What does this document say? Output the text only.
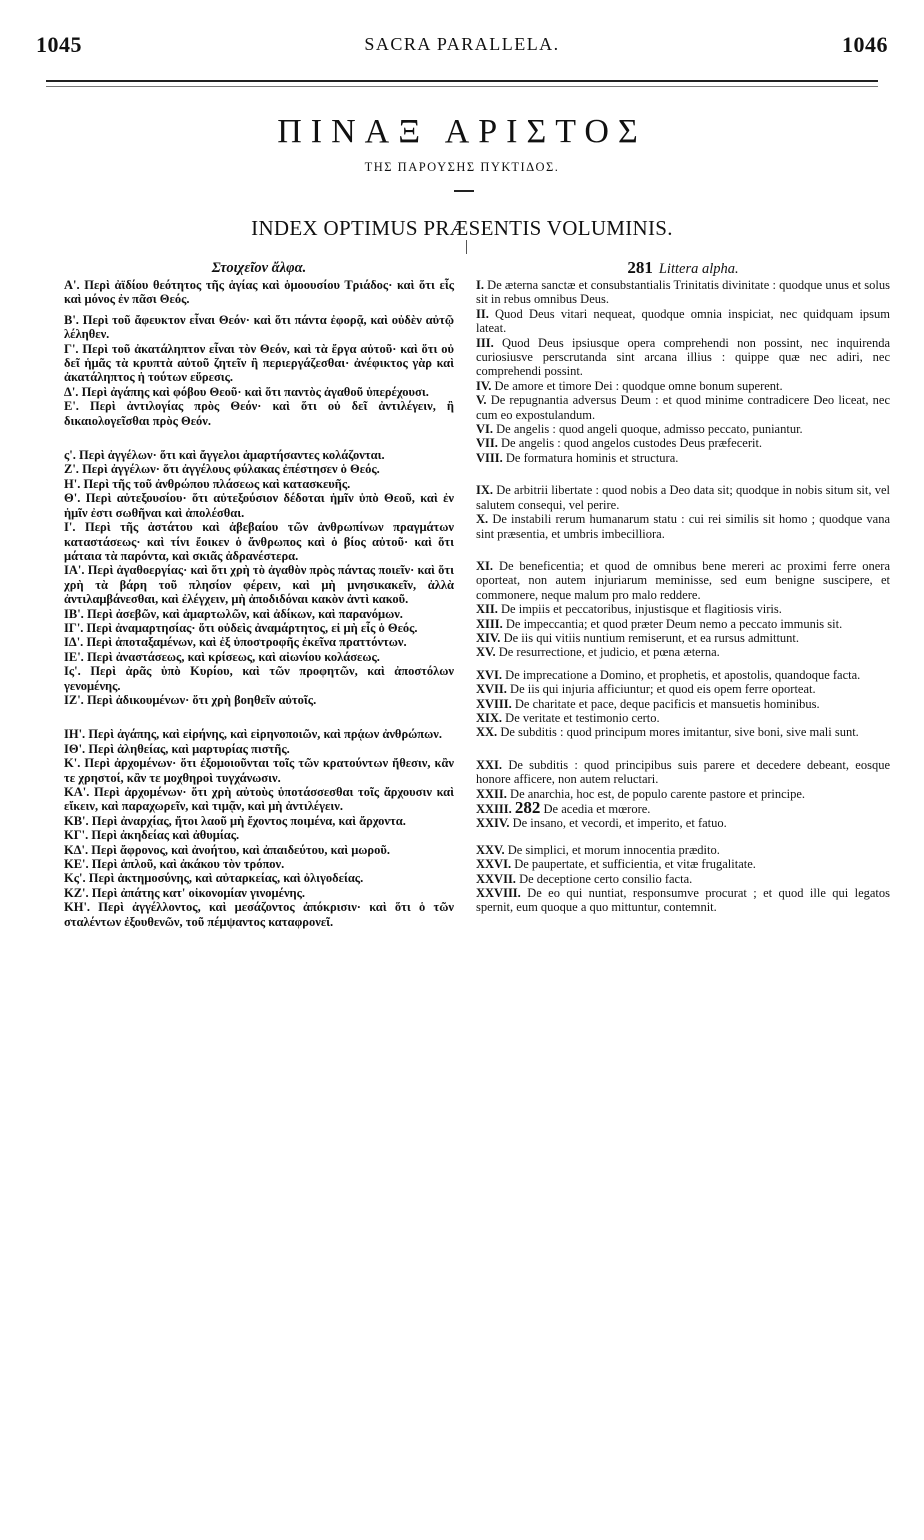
1045	SACRA PARALLELA.	1046
ΠΙΝΑΞ ΑΡΙΣΤΟΣ
ΤΗΣ ΠΑΡΟΥΣΗΣ ΠΥΚΤΙΔΟΣ.
INDEX OPTIMUS PRÆSENTIS VOLUMINIS.
Στοιχεῖον ἄλφα.
Α'. Περὶ ἀϊδίου θεότητος τῆς ἁγίας καὶ ὁμοουσίου Τριάδος· καὶ ὅτι εἷς καὶ μόνος ἐν πᾶσι Θεός.
Β'. Περὶ τοῦ ἄφευκτον εἶναι Θεόν· καὶ ὅτι πάντα ἐφορᾷ, καὶ οὐδὲν αὐτῷ λέληθεν.
Γ'. Περὶ τοῦ ἀκατάληπτον εἶναι τὸν Θεόν, καὶ τὰ ἔργα αὐτοῦ· καὶ ὅτι οὐ δεῖ ἡμᾶς τὰ κρυπτὰ αὐτοῦ ζητεῖν ἢ περιεργάζεσθαι· ἀνέφικτος γὰρ καὶ ἀκατάληπτος ἡ τούτων εὕρεσις.
Δ'. Περὶ ἀγάπης καὶ φόβου Θεοῦ· καὶ ὅτι παντὸς ἀγαθοῦ ὑπερέχουσι.
Ε'. Περὶ ἀντιλογίας πρὸς Θεόν· καὶ ὅτι οὐ δεῖ ἀντιλέγειν, ἢ δικαιολογεῖσθαι πρὸς Θεόν.
ς'. Περὶ ἀγγέλων· ὅτι καὶ ἄγγελοι ἁμαρτήσαντες κολάζονται.
Ζ'. Περὶ ἀγγέλων· ὅτι ἀγγέλους φύλακας ἐπέστησεν ὁ Θεός.
Η'. Περὶ τῆς τοῦ ἀνθρώπου πλάσεως καὶ κατασκευῆς.
Θ'. Περὶ αὐτεξουσίου· ὅτι αὐτεξούσιον δέδοται ἡμῖν ὑπὸ Θεοῦ, καὶ ἐν ἡμῖν ἐστι σωθῆναι καὶ ἀπολέσθαι.
Ι'. Περὶ τῆς ἀστάτου καὶ ἀβεβαίου τῶν ἀνθρωπίνων πραγμάτων καταστάσεως· καὶ τίνι ἔοικεν ὁ ἄνθρωπος καὶ ὁ βίος αὐτοῦ· καὶ ὅτι μάταια τὰ παρόντα, καὶ σκιᾶς ἀδρανέστερα.
ΙΑ'. Περὶ ἀγαθοεργίας· καὶ ὅτι χρὴ τὸ ἀγαθὸν πρὸς πάντας ποιεῖν· καὶ ὅτι χρὴ τὰ βάρη τοῦ πλησίον φέρειν, καὶ μὴ μνησικακεῖν, ἀλλὰ ἀντιλαμβάνεσθαι, καὶ ἐλέγχειν, μὴ ἀποδιδόναι κακὸν ἀντὶ κακοῦ.
ΙΒ'. Περὶ ἀσεβῶν, καὶ ἁμαρτωλῶν, καὶ ἀδίκων, καὶ παρανόμων.
ΙΓ'. Περὶ ἀναμαρτησίας· ὅτι οὐδεὶς ἀναμάρτητος, εἰ μὴ εἷς ὁ Θεός.
ΙΔ'. Περὶ ἀποταξαμένων, καὶ ἐξ ὑποστροφῆς ἐκεῖνα πραττόντων.
ΙΕ'. Περὶ ἀναστάσεως, καὶ κρίσεως, καὶ αἰωνίου κολάσεως.
Ις'. Περὶ ἀρᾶς ὑπὸ Κυρίου, καὶ τῶν προφητῶν, καὶ ἀποστόλων γενομένης.
ΙΖ'. Περὶ ἀδικουμένων· ὅτι χρὴ βοηθεῖν αὐτοῖς.
ΙΗ'. Περὶ ἀγάπης, καὶ εἰρήνης, καὶ εἰρηνοποιῶν, καὶ πρᾴων ἀνθρώπων.
ΙΘ'. Περὶ ἀληθείας, καὶ μαρτυρίας πιστῆς.
Κ'. Περὶ ἀρχομένων· ὅτι ἐξομοιοῦνται τοῖς τῶν κρατούντων ἤθεσιν, κἂν τε χρηστοί, κἂν τε μοχθηροὶ τυγχάνωσιν.
ΚΑ'. Περὶ ἀρχομένων· ὅτι χρὴ αὐτοὺς ὑποτάσσεσθαι τοῖς ἄρχουσιν καὶ εἴκειν, καὶ παραχωρεῖν, καὶ τιμᾷν, καὶ μὴ ἀντιλέγειν.
ΚΒ'. Περὶ ἀναρχίας, ἤτοι λαοῦ μὴ ἔχοντος ποιμένα, καὶ ἄρχοντα.
ΚΓ'. Περὶ ἀκηδείας καὶ ἀθυμίας.
ΚΔ'. Περὶ ἄφρονος, καὶ ἀνοήτου, καὶ ἀπαιδεύτου, καὶ μωροῦ.
ΚΕ'. Περὶ ἁπλοῦ, καὶ ἀκάκου τὸν τρόπον.
Κς'. Περὶ ἀκτημοσύνης, καὶ αὐταρκείας, καὶ ὀλιγοδείας.
ΚΖ'. Περὶ ἀπάτης κατ' οἰκονομίαν γινομένης.
ΚΗ'. Περὶ ἀγγέλλοντος, καὶ μεσάζοντος ἀπόκρισιν· καὶ ὅτι ὁ τῶν σταλέντων ἐξουθενῶν, τοῦ πέμψαντος καταφρονεῖ.
281 Littera alpha.
I. De æterna sanctæ et consubstantialis Trinitatis divinitate : quodque unus et solus sit in rebus omnibus Deus.
II. Quod Deus vitari nequeat, quodque omnia inspiciat, nec quidquam ipsum lateat.
III. Quod Deus ipsiusque opera comprehendi non possint, nec inquirenda curiosiusve perscrutanda sint arcana illius : quippe quæ nec adiri, nec comprehendi possint.
IV. De amore et timore Dei : quodque omne bonum superent.
V. De repugnantia adversus Deum : et quod minime contradicere Deo liceat, nec cum eo expostulandum.
VI. De angelis : quod angeli quoque, admisso peccato, puniantur.
VII. De angelis : quod angelos custodes Deus præfecerit.
VIII. De formatura hominis et structura.
IX. De arbitrii libertate : quod nobis a Deo data sit; quodque in nobis situm sit, vel salutem consequi, vel perire.
X. De instabili rerum humanarum statu : cui rei similis sit homo ; quodque vana sint præsentia, et umbris imbecilliora.
XI. De beneficentia; et quod de omnibus bene mereri ac proximi ferre onera oporteat, non autem injuriarum meminisse, sed eum benigne suscipere, et commonere, neque malum pro malo reddere.
XII. De impiis et peccatoribus, injustisque et flagitiosis viris.
XIII. De impeccantia; et quod præter Deum nemo a peccato immunis sit.
XIV. De iis qui vitiis nuntium remiserunt, et ea rursus admittunt.
XV. De resurrectione, et judicio, et pœna æterna.
XVI. De imprecatione a Domino, et prophetis, et apostolis, quandoque facta.
XVII. De iis qui injuria afficiuntur; et quod eis opem ferre oporteat.
XVIII. De charitate et pace, deque pacificis et mansuetis hominibus.
XIX. De veritate et testimonio certo.
XX. De subditis : quod principum mores imitantur, sive boni, sive mali sunt.
XXI. De subditis : quod principibus suis parere et decedere debeant, eosque honore afficere, non autem reluctari.
XXII. De anarchia, hoc est, de populo carente pastore et principe.
XXIII. 282 De acedia et mœrore.
XXIV. De insano, et vecordi, et imperito, et fatuo.
XXV. De simplici, et morum innocentia prædito.
XXVI. De paupertate, et sufficientia, et vitæ frugalitate.
XXVII. De deceptione certo consilio facta.
XXVIII. De eo qui nuntiat, responsumve procurat ; et quod ille qui legatos spernit, eum quoque a quo mittuntur, contemnit.
